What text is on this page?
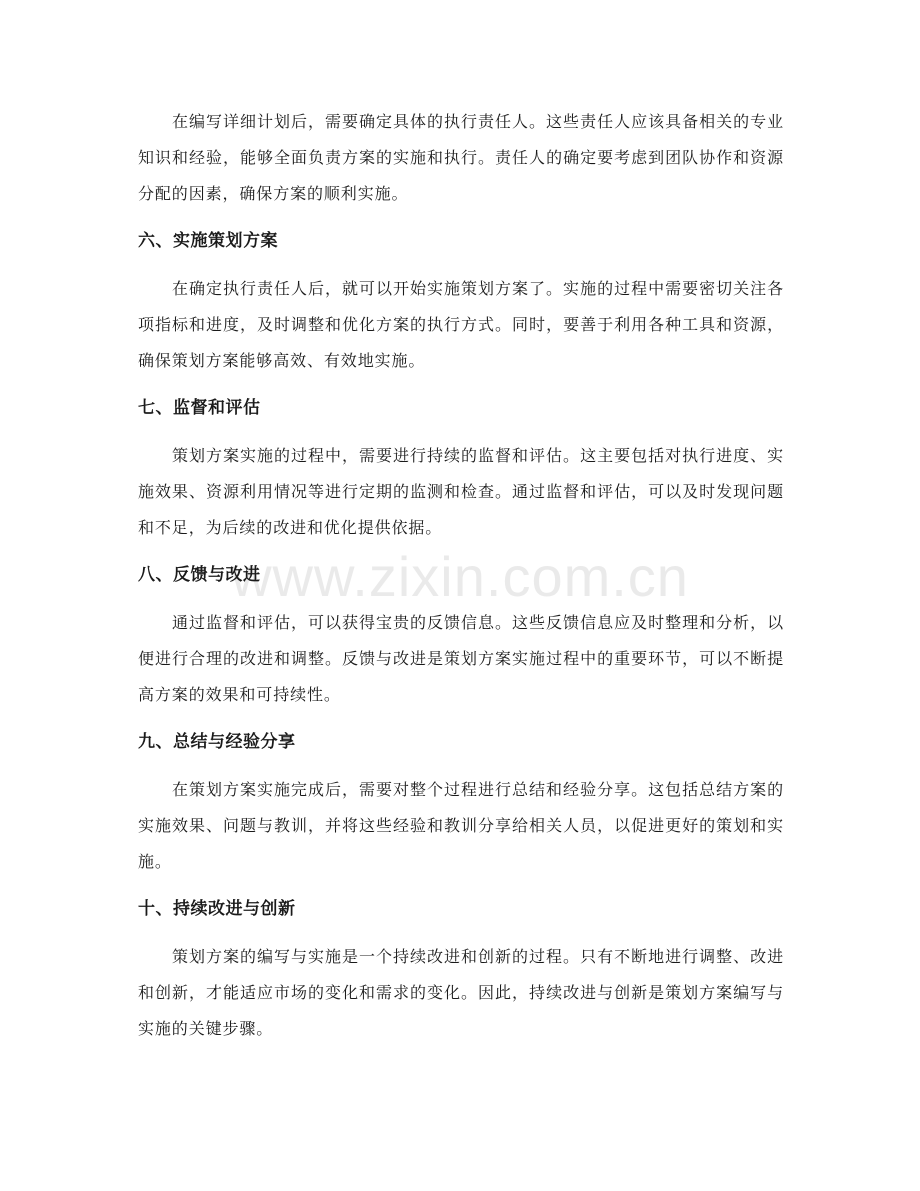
www.zixin.com.cn

在编写详细计划后，需要确定具体的执行责任人。这些责任人应该具备相关的专业知识和经验，能够全面负责方案的实施和执行。责任人的确定要考虑到团队协作和资源分配的因素，确保方案的顺利实施。

六、实施策划方案

在确定执行责任人后，就可以开始实施策划方案了。实施的过程中需要密切关注各项指标和进度，及时调整和优化方案的执行方式。同时，要善于利用各种工具和资源，确保策划方案能够高效、有效地实施。

七、监督和评估

策划方案实施的过程中，需要进行持续的监督和评估。这主要包括对执行进度、实施效果、资源利用情况等进行定期的监测和检查。通过监督和评估，可以及时发现问题和不足，为后续的改进和优化提供依据。

八、反馈与改进

通过监督和评估，可以获得宝贵的反馈信息。这些反馈信息应及时整理和分析，以便进行合理的改进和调整。反馈与改进是策划方案实施过程中的重要环节，可以不断提高方案的效果和可持续性。

九、总结与经验分享

在策划方案实施完成后，需要对整个过程进行总结和经验分享。这包括总结方案的实施效果、问题与教训，并将这些经验和教训分享给相关人员，以促进更好的策划和实施。

十、持续改进与创新

策划方案的编写与实施是一个持续改进和创新的过程。只有不断地进行调整、改进和创新，才能适应市场的变化和需求的变化。因此，持续改进与创新是策划方案编写与实施的关键步骤。
